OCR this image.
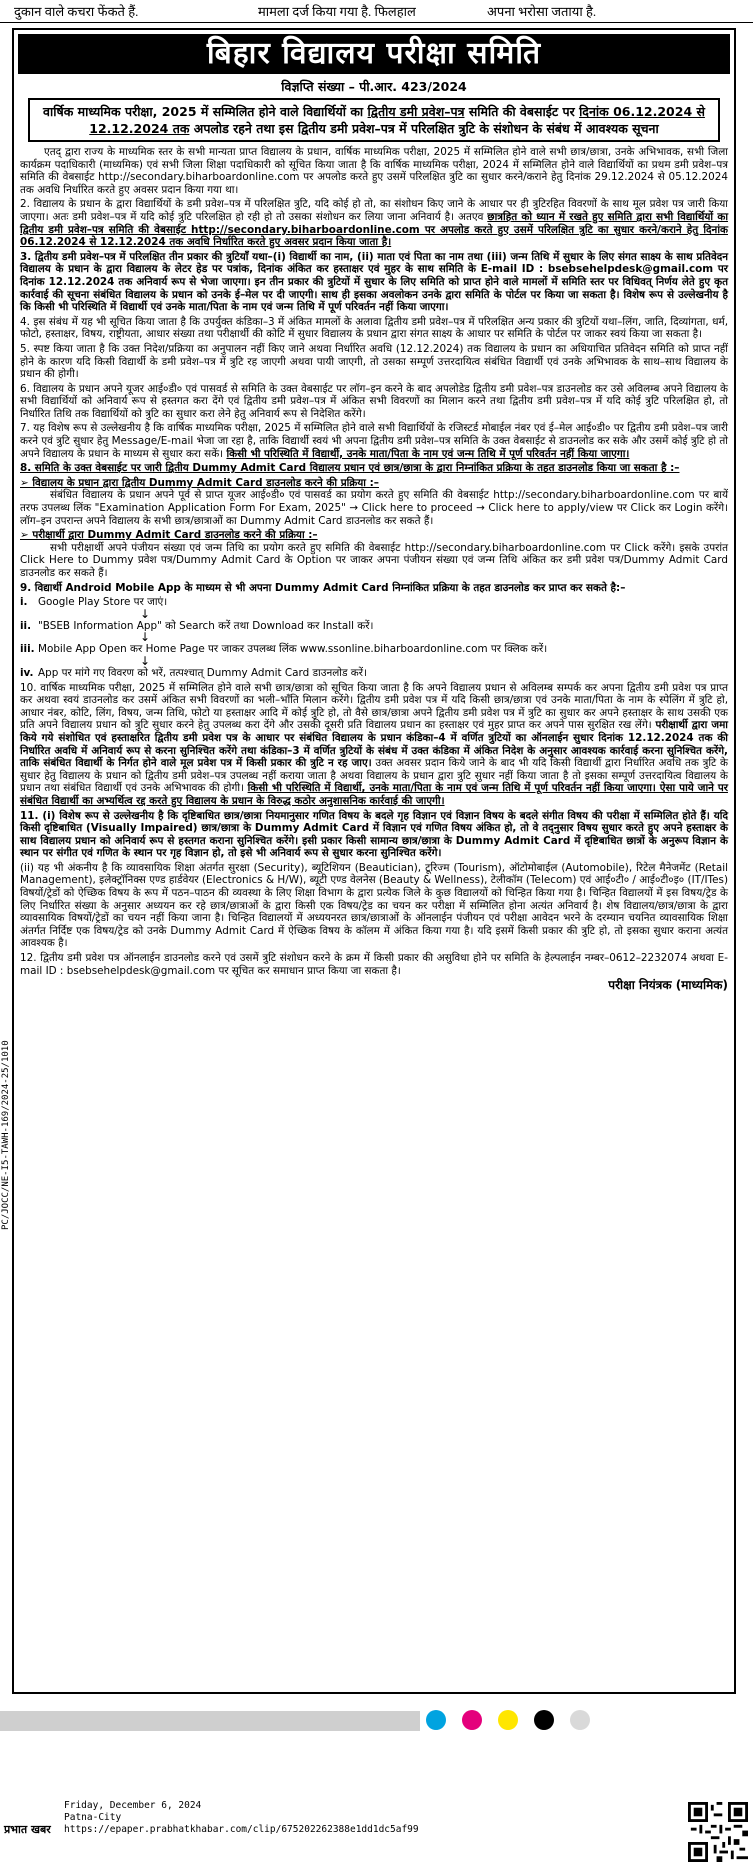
दुकान वाले कचरा फेंकते हैं.	मामला दर्ज किया गया है. फिलहाल	अपना भरोसा जताया है.
PC/JOCC/NE-I5-TAWH-169/2024-25/1010
बिहार विद्यालय परीक्षा समिति
विज्ञप्ति संख्या – पी.आर. 423/2024
वार्षिक माध्यमिक परीक्षा, 2025 में सम्मिलित होने वाले विद्यार्थियों का द्वितीय डमी प्रवेश–पत्र समिति की वेबसाईट पर दिनांक 06.12.2024 से 12.12.2024 तक अपलोड रहने तथा इस द्वितीय डमी प्रवेश–पत्र में परिलक्षित त्रुटि के संशोधन के संबंध में आवश्यक सूचना

एतद् द्वारा राज्य के माध्यमिक स्तर के सभी मान्यता प्राप्त विद्यालय के प्रधान, वार्षिक माध्यमिक परीक्षा, 2025 में सम्मिलित होने वाले सभी छात्र/छात्रा, उनके अभिभावक, सभी जिला कार्यक्रम पदाधिकारी (माध्यमिक) एवं सभी जिला शिक्षा पदाधिकारी को सूचित किया जाता है कि वार्षिक माध्यमिक परीक्षा, 2024 में सम्मिलित होने वाले विद्यार्थियों का प्रथम डमी प्रवेश–पत्र समिति की वेबसाईट http://secondary.biharboardonline.com पर अपलोड करते हुए उसमें परिलक्षित त्रुटि का सुधार करने/कराने हेतु दिनांक 29.12.2024 से 05.12.2024 तक अवधि निर्धारित करते हुए अवसर प्रदान किया गया था।

2. विद्यालय के प्रधान के द्वारा विद्यार्थियों के डमी प्रवेश–पत्र में परिलक्षित त्रुटि, यदि कोई हो तो, का संशोधन किए जाने के आधार पर ही त्रुटिरहित विवरणों के साथ मूल प्रवेश पत्र जारी किया जाएगा। अतः डमी प्रवेश–पत्र में यदि कोई त्रुटि परिलक्षित हो रही हो तो उसका संशोधन कर लिया जाना अनिवार्य है। अतएव छात्रहित को ध्यान में रखते हुए समिति द्वारा सभी विद्यार्थियों का द्वितीय डमी प्रवेश–पत्र समिति की वेबसाईट http://secondary.biharboardonline.com पर अपलोड करते हुए उसमें परिलक्षित त्रुटि का सुधार करने/कराने हेतु दिनांक 06.12.2024 से 12.12.2024 तक अवधि निर्धारित करते हुए अवसर प्रदान किया जाता है।

3. द्वितीय डमी प्रवेश–पत्र में परिलक्षित तीन प्रकार की त्रुटियाँ यथा–(i) विद्यार्थी का नाम, (ii) माता एवं पिता का नाम तथा (iii) जन्म तिथि में सुधार के लिए संगत साक्ष्य के साथ प्रतिवेदन विद्यालय के प्रधान के द्वारा विद्यालय के लेटर हेड पर पत्रांक, दिनांक अंकित कर हस्ताक्षर एवं मुहर के साथ समिति के E-mail ID : bsebsehelpdesk@gmail.com पर दिनांक 12.12.2024 तक अनिवार्य रूप से भेजा जाएगा। इन तीन प्रकार की त्रुटियों में सुधार के लिए समिति को प्राप्त होने वाले मामलों में समिति स्तर पर विधिवत् निर्णय लेते हुए कृत कार्रवाई की सूचना संबंधित विद्यालय के प्रधान को उनके ई–मेल पर दी जाएगी। साथ ही इसका अवलोकन उनके द्वारा समिति के पोर्टल पर किया जा सकता है। विशेष रूप से उल्लेखनीय है कि किसी भी परिस्थिति में विद्यार्थी एवं उनके माता/पिता के नाम एवं जन्म तिथि में पूर्ण परिवर्तन नहीं किया जाएगा।

4. इस संबंध में यह भी सूचित किया जाता है कि उपर्युक्त कंडिका–3 में अंकित मामलों के अलावा द्वितीय डमी प्रवेश–पत्र में परिलक्षित अन्य प्रकार की त्रुटियों यथा–लिंग, जाति, दिव्यांगता, धर्म, फोटो, हस्ताक्षर, विषय, राष्ट्रीयता, आधार संख्या तथा परीक्षार्थी की कोटि में सुधार विद्यालय के प्रधान द्वारा संगत साक्ष्य के आधार पर समिति के पोर्टल पर जाकर स्वयं किया जा सकता है।

5. स्पष्ट किया जाता है कि उक्त निदेश/प्रक्रिया का अनुपालन नहीं किए जाने अथवा निर्धारित अवधि (12.12.2024) तक विद्यालय के प्रधान का अधियाचित प्रतिवेदन समिति को प्राप्त नहीं होने के कारण यदि किसी विद्यार्थी के डमी प्रवेश–पत्र में त्रुटि रह जाएगी अथवा पायी जाएगी, तो उसका सम्पूर्ण उत्तरदायित्व संबंधित विद्यार्थी एवं उनके अभिभावक के साथ–साथ विद्यालय के प्रधान की होगी।

6. विद्यालय के प्रधान अपने यूजर आई०डी० एवं पासवर्ड से समिति के उक्त वेबसाईट पर लॉग–इन करने के बाद अपलोडेड द्वितीय डमी प्रवेश–पत्र डाउनलोड कर उसे अविलम्ब अपने विद्यालय के सभी विद्यार्थियों को अनिवार्य रूप से हस्तगत करा देंगे एवं द्वितीय डमी प्रवेश–पत्र में अंकित सभी विवरणों का मिलान करने तथा द्वितीय डमी प्रवेश–पत्र में यदि कोई त्रुटि परिलक्षित हो, तो निर्धारित तिथि तक विद्यार्थियों को त्रुटि का सुधार करा लेने हेतु अनिवार्य रूप से निदेशित करेंगे।

7. यह विशेष रूप से उल्लेखनीय है कि वार्षिक माध्यमिक परीक्षा, 2025 में सम्मिलित होने वाले सभी विद्यार्थियों के रजिस्टर्ड मोबाईल नंबर एवं ई–मेल आई०डी० पर द्वितीय डमी प्रवेश–पत्र जारी करने एवं त्रुटि सुधार हेतु Message/E-mail भेजा जा रहा है, ताकि विद्यार्थी स्वयं भी अपना द्वितीय डमी प्रवेश–पत्र समिति के उक्त वेबसाईट से डाउनलोड कर सके और उसमें कोई त्रुटि हो तो अपने विद्यालय के प्रधान के माध्यम से सुधार करा सकें। किसी भी परिस्थिति में विद्यार्थी, उनके माता/पिता के नाम एवं जन्म तिथि में पूर्ण परिवर्तन नहीं किया जाएगा।

8. समिति के उक्त वेबसाईट पर जारी द्वितीय Dummy Admit Card विद्यालय प्रधान एवं छात्र/छात्रा के द्वारा निम्नांकित प्रक्रिया के तहत डाउनलोड किया जा सकता है :–

➢ विद्यालय के प्रधान द्वारा द्वितीय Dummy Admit Card डाउनलोड करने की प्रक्रिया :–

संबंधित विद्यालय के प्रधान अपने पूर्व से प्राप्त यूजर आई०डी० एवं पासवर्ड का प्रयोग करते हुए समिति की वेबसाईट http://secondary.biharboardonline.com पर बायें तरफ उपलब्ध लिंक "Examination Application Form For Exam, 2025" → Click here to proceed → Click here to apply/view पर Click कर Login करेंगे। लॉग–इन उपरान्त अपने विद्यालय के सभी छात्र/छात्राओं का Dummy Admit Card डाउनलोड कर सकते हैं।

➢ परीक्षार्थी द्वारा Dummy Admit Card डाउनलोड करने की प्रक्रिया :–

सभी परीक्षार्थी अपने पंजीयन संख्या एवं जन्म तिथि का प्रयोग करते हुए समिति की वेबसाईट http://secondary.biharboardonline.com पर Click करेंगे। इसके उपरांत Click Here to Dummy प्रवेश पत्र/Dummy Admit Card के Option पर जाकर अपना पंजीयन संख्या एवं जन्म तिथि अंकित कर डमी प्रवेश पत्र/Dummy Admit Card डाउनलोड कर सकते हैं।

9. विद्यार्थी Android Mobile App के माध्यम से भी अपना Dummy Admit Card निम्नांकित प्रक्रिया के तहत डाउनलोड कर प्राप्त कर सकते है:–

i.	Google Play Store पर जाएं।
↓
ii. "BSEB Information App" को Search करें तथा Download कर Install करें।
↓
iii. Mobile App Open कर Home Page पर जाकर उपलब्ध लिंक www.ssonline.biharboardonline.com पर क्लिक करें।
↓
iv. App पर मांगे गए विवरण को भरें, तत्पश्चात् Dummy Admit Card डाउनलोड करें।

10. वार्षिक माध्यमिक परीक्षा, 2025 में सम्मिलित होने वाले सभी छात्र/छात्रा को सूचित किया जाता है कि अपने विद्यालय प्रधान से अविलम्ब सम्पर्क कर अपना द्वितीय डमी प्रवेश पत्र प्राप्त कर अथवा स्वयं डाउनलोड कर उसमें अंकित सभी विवरणों का भली–भाँति मिलान करेंगे। द्वितीय डमी प्रवेश पत्र में यदि किसी छात्र/छात्रा एवं उनके माता/पिता के नाम के स्पेलिंग में त्रुटि हो, आधार नंबर, कोटि, लिंग, विषय, जन्म तिथि, फोटो या हस्ताक्षर आदि में कोई त्रुटि हो, तो वैसे छात्र/छात्रा अपने द्वितीय डमी प्रवेश पत्र में त्रुटि का सुधार कर अपने हस्ताक्षर के साथ उसकी एक प्रति अपने विद्यालय प्रधान को त्रुटि सुधार करने हेतु उपलब्ध करा देंगे और उसकी दूसरी प्रति विद्यालय प्रधान का हस्ताक्षर एवं मुहर प्राप्त कर अपने पास सुरक्षित रख लेंगे। परीक्षार्थी द्वारा जमा किये गये संशोधित एवं हस्ताक्षरित द्वितीय डमी प्रवेश पत्र के आधार पर संबंधित विद्यालय के प्रधान कंडिका–4 में वर्णित त्रुटियों का ऑनलाईन सुधार दिनांक 12.12.2024 तक की निर्धारित अवधि में अनिवार्य रूप से करना सुनिश्चित करेंगे तथा कंडिका–3 में वर्णित त्रुटियों के संबंध में उक्त कंडिका में अंकित निदेश के अनुसार आवश्यक कार्रवाई करना सुनिश्चित करेंगे, ताकि संबंधित विद्यार्थी के निर्गत होने वाले मूल प्रवेश पत्र में किसी प्रकार की त्रुटि न रह जाए। उक्त अवसर प्रदान किये जाने के बाद भी यदि किसी विद्यार्थी द्वारा निर्धारित अवधि तक त्रुटि के सुधार हेतु विद्यालय के प्रधान को द्वितीय डमी प्रवेश–पत्र उपलब्ध नहीं कराया जाता है अथवा विद्यालय के प्रधान द्वारा त्रुटि सुधार नहीं किया जाता है तो इसका सम्पूर्ण उत्तरदायित्व विद्यालय के प्रधान तथा संबंधित विद्यार्थी एवं उनके अभिभावक की होगी। किसी भी परिस्थिति में विद्यार्थी, उनके माता/पिता के नाम एवं जन्म तिथि में पूर्ण परिवर्तन नहीं किया जाएगा। ऐसा पाये जाने पर संबंधित विद्यार्थी का अभ्यर्थित्व रद्द करते हुए विद्यालय के प्रधान के विरुद्ध कठोर अनुशासनिक कार्रवाई की जाएगी।

11. (i) विशेष रूप से उल्लेखनीय है कि दृष्टिबाधित छात्र/छात्रा नियमानुसार गणित विषय के बदले गृह विज्ञान एवं विज्ञान विषय के बदले संगीत विषय की परीक्षा में सम्मिलित होते हैं। यदि किसी दृष्टिबाधित (Visually Impaired) छात्र/छात्रा के Dummy Admit Card में विज्ञान एवं गणित विषय अंकित हो, तो वे तद्नुसार विषय सुधार करते हुए अपने हस्ताक्षर के साथ विद्यालय प्रधान को अनिवार्य रूप से हस्तगत कराना सुनिश्चित करेंगे। इसी प्रकार किसी सामान्य छात्र/छात्रा के Dummy Admit Card में दृष्टिबाधित छात्रों के अनुरूप विज्ञान के स्थान पर संगीत एवं गणित के स्थान पर गृह विज्ञान हो, तो इसे भी अनिवार्य रूप से सुधार करना सुनिश्चित करेंगे।

(ii) यह भी अंकनीय है कि व्यावसायिक शिक्षा अंतर्गत सुरक्षा (Security), ब्यूटिशियन (Beautician), टूरिज्म (Tourism), ऑटोमोबाईल (Automobile), रिटेल मैनेजमेंट (Retail Management), इलेक्ट्रॉनिक्स एण्ड हार्डवेयर (Electronics & H/W), ब्यूटी एण्ड वेलनेस (Beauty & Wellness), टेलीकॉम (Telecom) एवं आई०टी० / आई०टी०इ० (IT/ITes) विषयों/ट्रेडों को ऐच्छिक विषय के रूप में पठन–पाठन की व्यवस्था के लिए शिक्षा विभाग के द्वारा प्रत्येक जिले के कुछ विद्यालयों को चिन्हित किया गया है। चिन्हित विद्यालयों में इस विषय/ट्रेड के लिए निर्धारित संख्या के अनुसार अध्ययन कर रहे छात्र/छात्राओं के द्वारा किसी एक विषय/ट्रेड का चयन कर परीक्षा में सम्मिलित होना अत्यंत अनिवार्य है। शेष विद्यालय/छात्र/छात्रा के द्वारा व्यावसायिक विषयों/ट्रेडों का चयन नहीं किया जाना है। चिन्हित विद्यालयों में अध्ययनरत छात्र/छात्राओं के ऑनलाईन पंजीयन एवं परीक्षा आवेदन भरने के दरम्यान चयनित व्यावसायिक शिक्षा अंतर्गत निर्दिष्ट एक विषय/ट्रेड को उनके Dummy Admit Card में ऐच्छिक विषय के कॉलम में अंकित किया गया है। यदि इसमें किसी प्रकार की त्रुटि हो, तो इसका सुधार कराना अत्यंत आवश्यक है।

12. द्वितीय डमी प्रवेश पत्र ऑनलाईन डाउनलोड करने एवं उसमें त्रुटि संशोधन करने के क्रम में किसी प्रकार की असुविधा होने पर समिति के हेल्पलाईन नम्बर–0612–2232074 अथवा E-mail ID : bsebsehelpdesk@gmail.com पर सूचित कर समाधान प्राप्त किया जा सकता है।

परीक्षा नियंत्रक (माध्यमिक)
प्रभात खबर
Friday, December 6, 2024
Patna-City
https://epaper.prabhatkhabar.com/clip/675202262388e1dd1dc5af99
